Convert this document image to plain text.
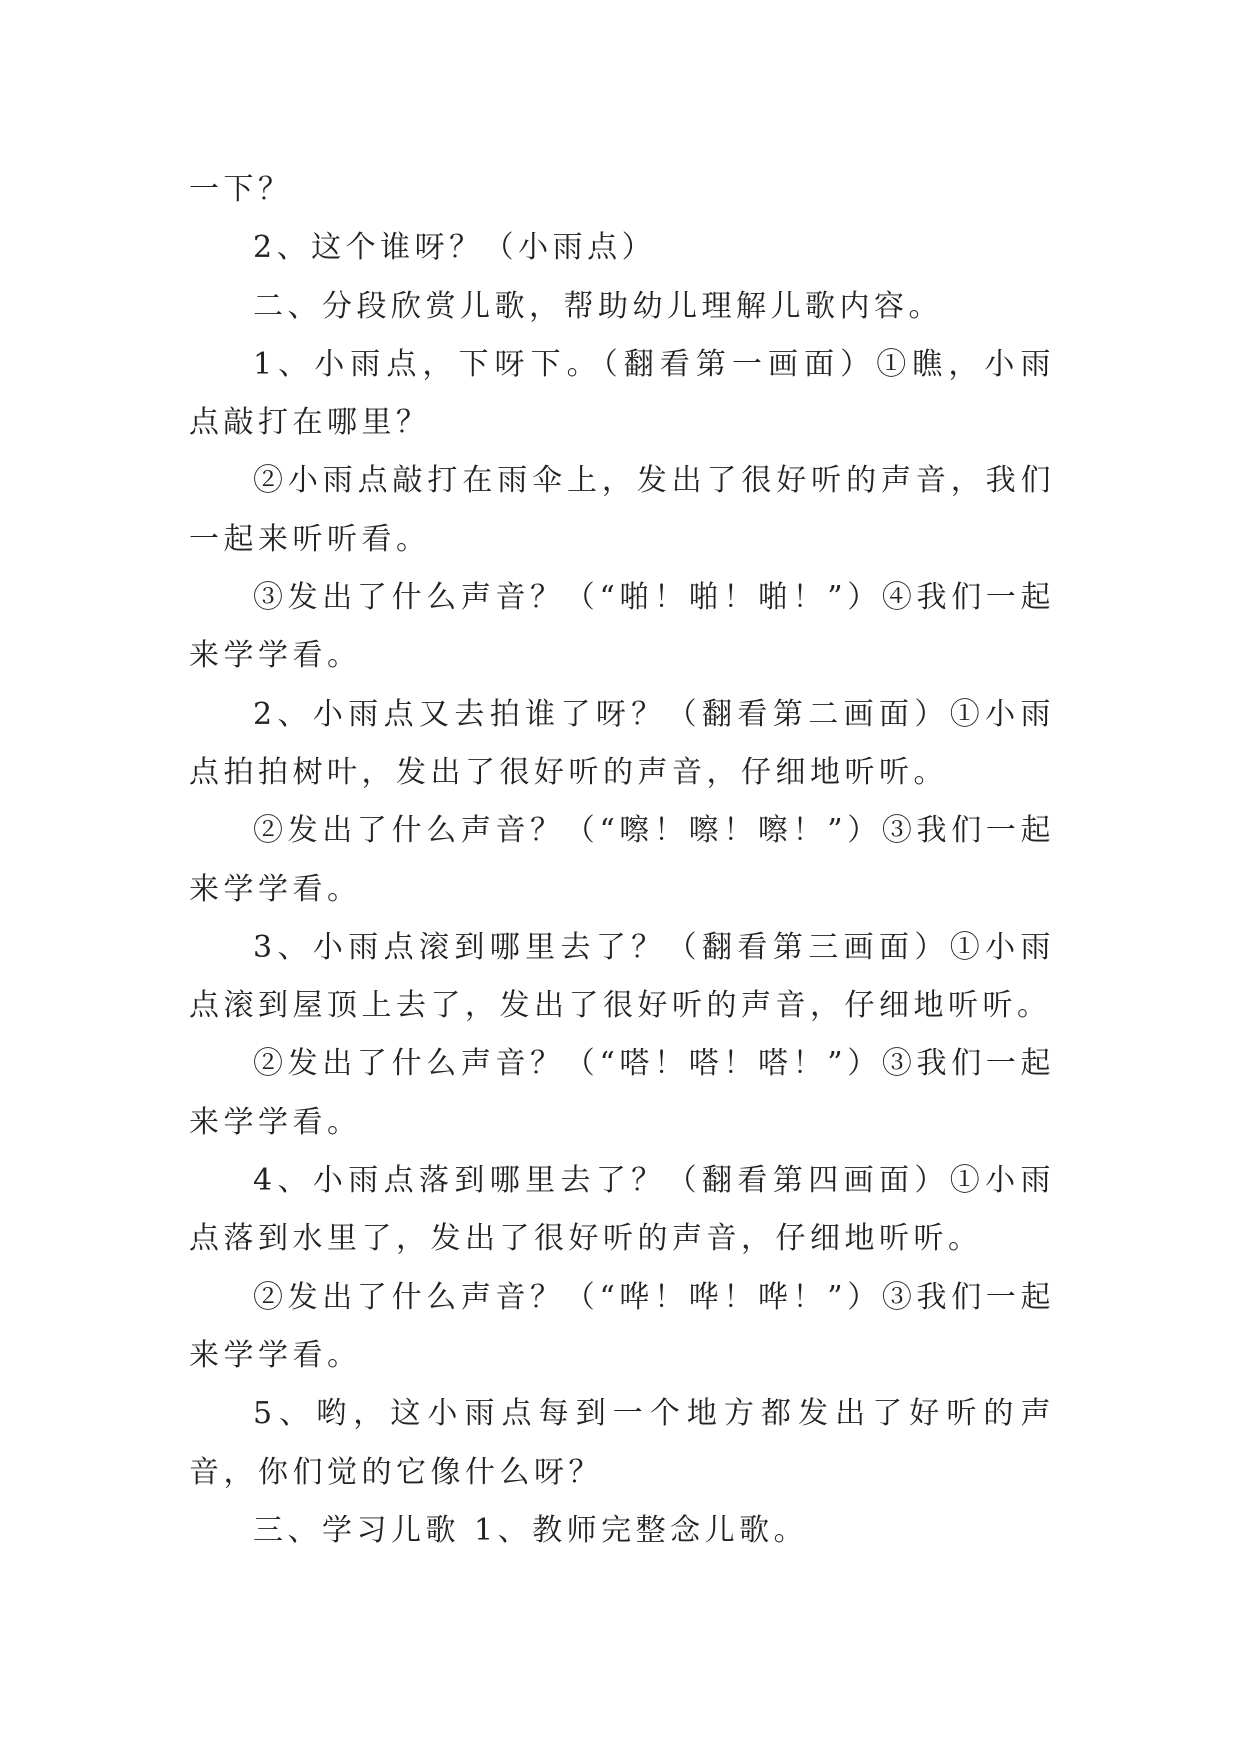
一下？

2、这个谁呀？（小雨点）

二、分段欣赏儿歌，帮助幼儿理解儿歌内容。

1、小雨点，下呀下。（翻看第一画面）①瞧，小雨点敲打在哪里？

②小雨点敲打在雨伞上，发出了很好听的声音，我们一起来听听看。

③发出了什么声音？（“啪！啪！啪！”）④我们一起来学学看。

2、小雨点又去拍谁了呀？（翻看第二画面）①小雨点拍拍树叶，发出了很好听的声音，仔细地听听。

②发出了什么声音？（“嚓！嚓！嚓！”）③我们一起来学学看。

3、小雨点滚到哪里去了？（翻看第三画面）①小雨点滚到屋顶上去了，发出了很好听的声音，仔细地听听。

②发出了什么声音？（“嗒！嗒！嗒！”）③我们一起来学学看。

4、小雨点落到哪里去了？（翻看第四画面）①小雨点落到水里了，发出了很好听的声音，仔细地听听。

②发出了什么声音？（“哗！哗！哗！”）③我们一起来学学看。

5、哟，这小雨点每到一个地方都发出了好听的声音，你们觉的它像什么呀？

三、学习儿歌 1、教师完整念儿歌。
